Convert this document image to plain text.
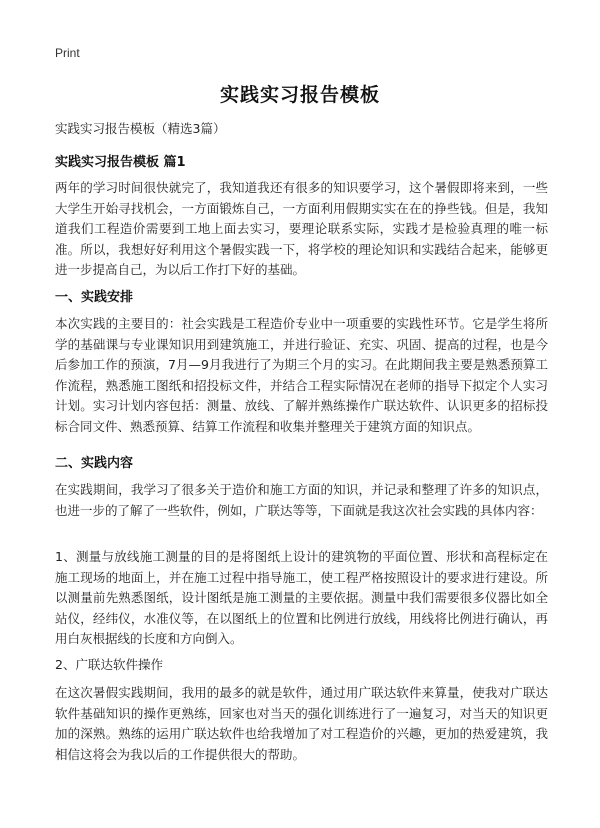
Print
实践实习报告模板
实践实习报告模板（精选3篇）
实践实习报告模板 篇1
两年的学习时间很快就完了，我知道我还有很多的知识要学习，这个暑假即将来到，一些大学生开始寻找机会，一方面锻炼自己，一方面利用假期实实在在的挣些钱。但是，我知道我们工程造价需要到工地上面去实习，要理论联系实际，实践才是检验真理的唯一标准。所以，我想好好利用这个暑假实践一下，将学校的理论知识和实践结合起来，能够更进一步提高自己，为以后工作打下好的基础。
一、实践安排
本次实践的主要目的：社会实践是工程造价专业中一项重要的实践性环节。它是学生将所学的基础课与专业课知识用到建筑施工，并进行验证、充实、巩固、提高的过程，也是今后参加工作的预演，7月—9月我进行了为期三个月的实习。在此期间我主要是熟悉预算工作流程，熟悉施工图纸和招投标文件，并结合工程实际情况在老师的指导下拟定个人实习计划。实习计划内容包括：测量、放线、了解并熟练操作广联达软件、认识更多的招标投标合同文件、熟悉预算、结算工作流程和收集并整理关于建筑方面的知识点。
二、实践内容
在实践期间，我学习了很多关于造价和施工方面的知识，并记录和整理了许多的知识点，也进一步的了解了一些软件，例如，广联达等等，下面就是我这次社会实践的具体内容：
1、测量与放线施工测量的目的是将图纸上设计的建筑物的平面位置、形状和高程标定在施工现场的地面上，并在施工过程中指导施工，使工程严格按照设计的要求进行建设。所以测量前先熟悉图纸，设计图纸是施工测量的主要依据。测量中我们需要很多仪器比如全站仪，经纬仪，水准仪等，在以图纸上的位置和比例进行放线，用线将比例进行确认，再用白灰根据线的长度和方向倒入。
2、广联达软件操作
在这次暑假实践期间，我用的最多的就是软件，通过用广联达软件来算量，使我对广联达软件基础知识的操作更熟练，回家也对当天的强化训练进行了一遍复习，对当天的知识更加的深熟。熟练的运用广联达软件也给我增加了对工程造价的兴趣，更加的热爱建筑，我相信这将会为我以后的工作提供很大的帮助。
